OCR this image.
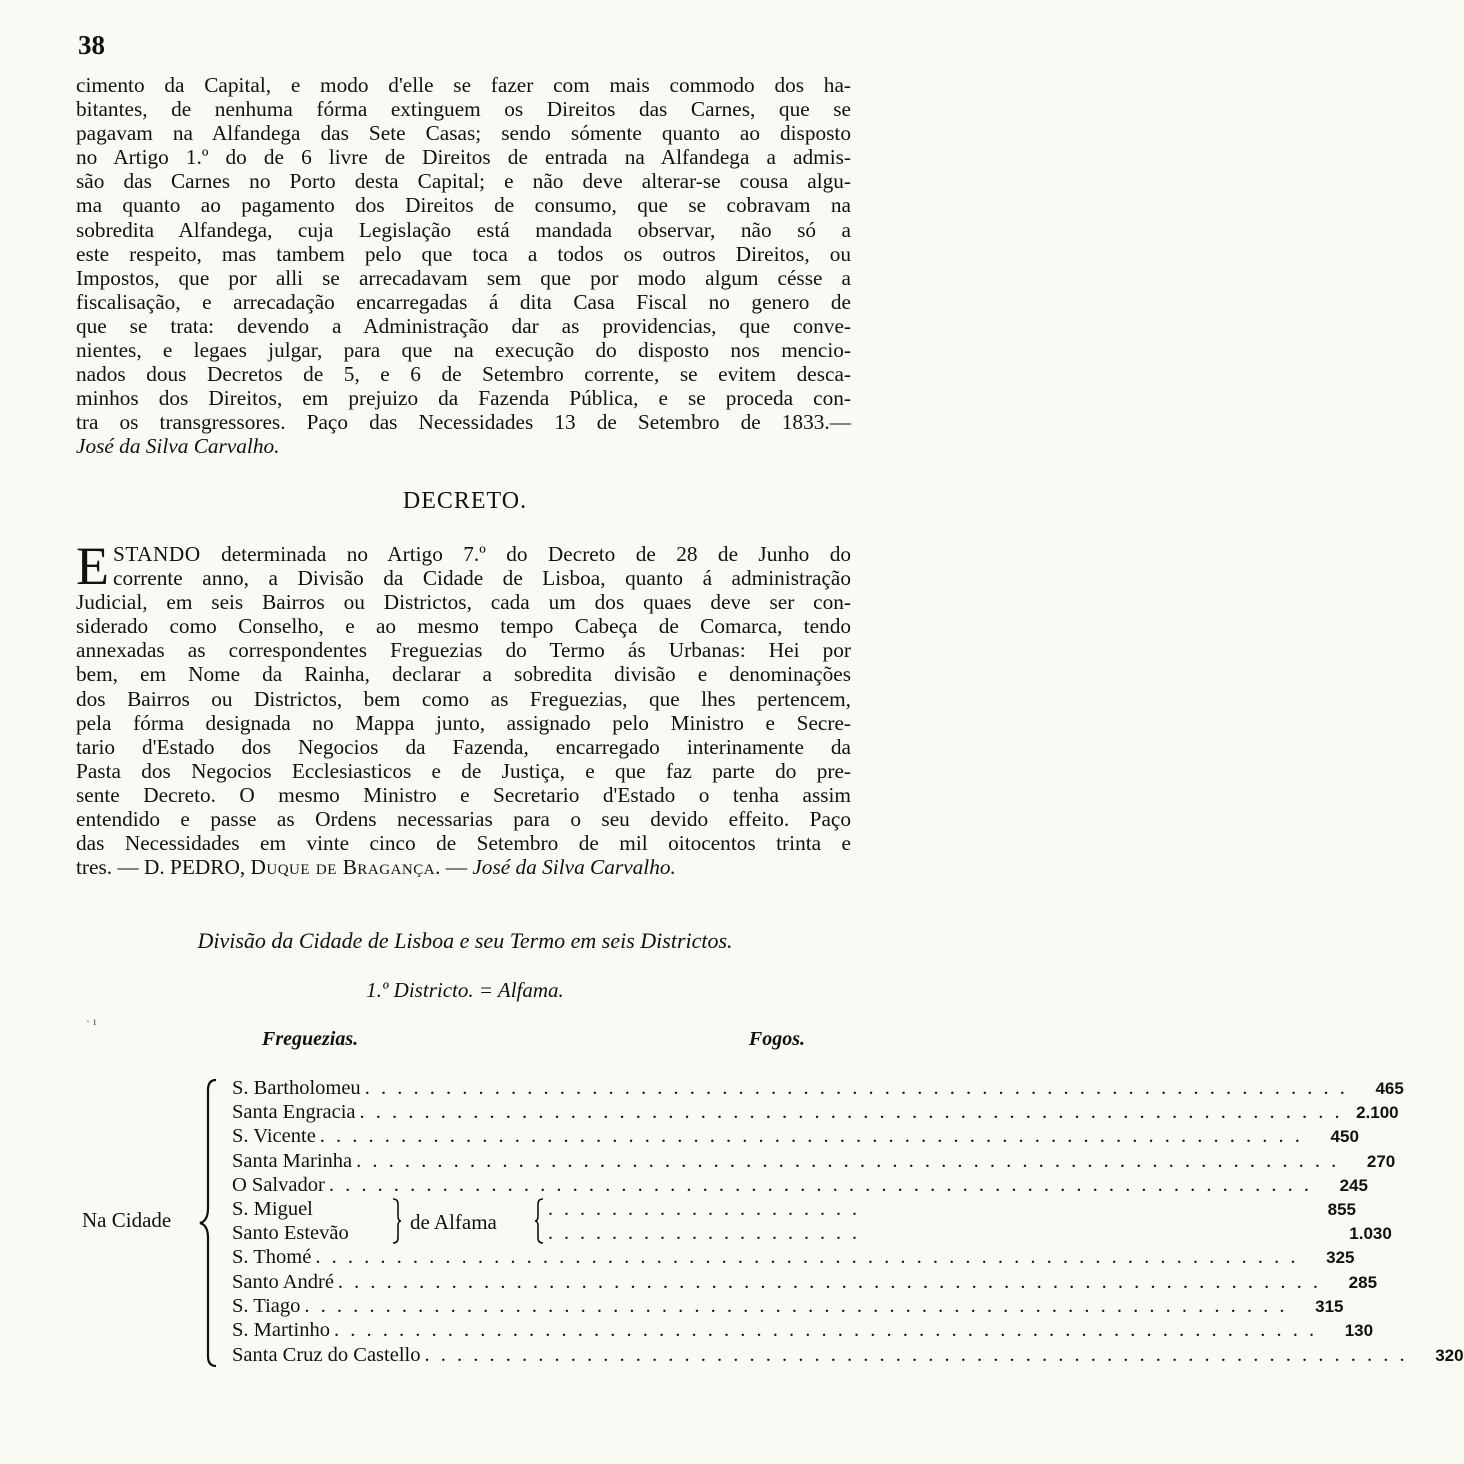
38
cimento da Capital, e modo d'elle se fazer com mais commodo dos ha-
bitantes, de nenhuma fórma extinguem os Direitos das Carnes, que se
pagavam na Alfandega das Sete Casas; sendo sómente quanto ao disposto
no Artigo 1.º do de 6 livre de Direitos de entrada na Alfandega a admis-
são das Carnes no Porto desta Capital; e não deve alterar-se cousa algu-
ma quanto ao pagamento dos Direitos de consumo, que se cobravam na
sobredita Alfandega, cuja Legislação está mandada observar, não só a
este respeito, mas tambem pelo que toca a todos os outros Direitos, ou
Impostos, que por alli se arrecadavam sem que por modo algum césse a
fiscalisação, e arrecadação encarregadas á dita Casa Fiscal no genero de
que se trata: devendo a Administração dar as providencias, que conve-
nientes, e legaes julgar, para que na execução do disposto nos mencio-
nados dous Decretos de 5, e 6 de Setembro corrente, se evitem desca-
minhos dos Direitos, em prejuizo da Fazenda Pública, e se proceda con-
tra os transgressores. Paço das Necessidades 13 de Setembro de 1833.—
José da Silva Carvalho.
DECRETO.
E STANDO determinada no Artigo 7.º do Decreto de 28 de Junho do
corrente anno, a Divisão da Cidade de Lisboa, quanto á administração
Judicial, em seis Bairros ou Districtos, cada um dos quaes deve ser con-
siderado como Conselho, e ao mesmo tempo Cabeça de Comarca, tendo
annexadas as correspondentes Freguezias do Termo ás Urbanas: Hei por
bem, em Nome da Rainha, declarar a sobredita divisão e denominações
dos Bairros ou Districtos, bem como as Freguezias, que lhes pertencem,
pela fórma designada no Mappa junto, assignado pelo Ministro e Secre-
tario d'Estado dos Negocios da Fazenda, encarregado interinamente da
Pasta dos Negocios Ecclesiasticos e de Justiça, e que faz parte do pre-
sente Decreto. O mesmo Ministro e Secretario d'Estado o tenha assim
entendido e passe as Ordens necessarias para o seu devido effeito. Paço
das Necessidades em vinte cinco de Setembro de mil oitocentos trinta e
tres. — D. PEDRO, Duque de Bragança. — José da Silva Carvalho.
Divisão da Cidade de Lisboa e seu Termo em seis Districtos.
1.º Districto. = Alfama.
· ı
Freguezias.	Fogos.
Na Cidade	de Alfama
S. Bartholomeu . . .	465
Santa Engracia . . .	2.100
S. Vicente . . .	450
Santa Marinha . . .	270
O Salvador . . .	245
S. Miguel	855
Santo Estevão	1.030
S. Thomé . . .	325
Santo André . . .	285
S. Tiago . . .	315
S. Martinho . . .	130
Santa Cruz do Castello . . .	320
. . . . . . . . . . . . . . . . . . . .
. . . . . . . . . . . . . . . . . . . .
